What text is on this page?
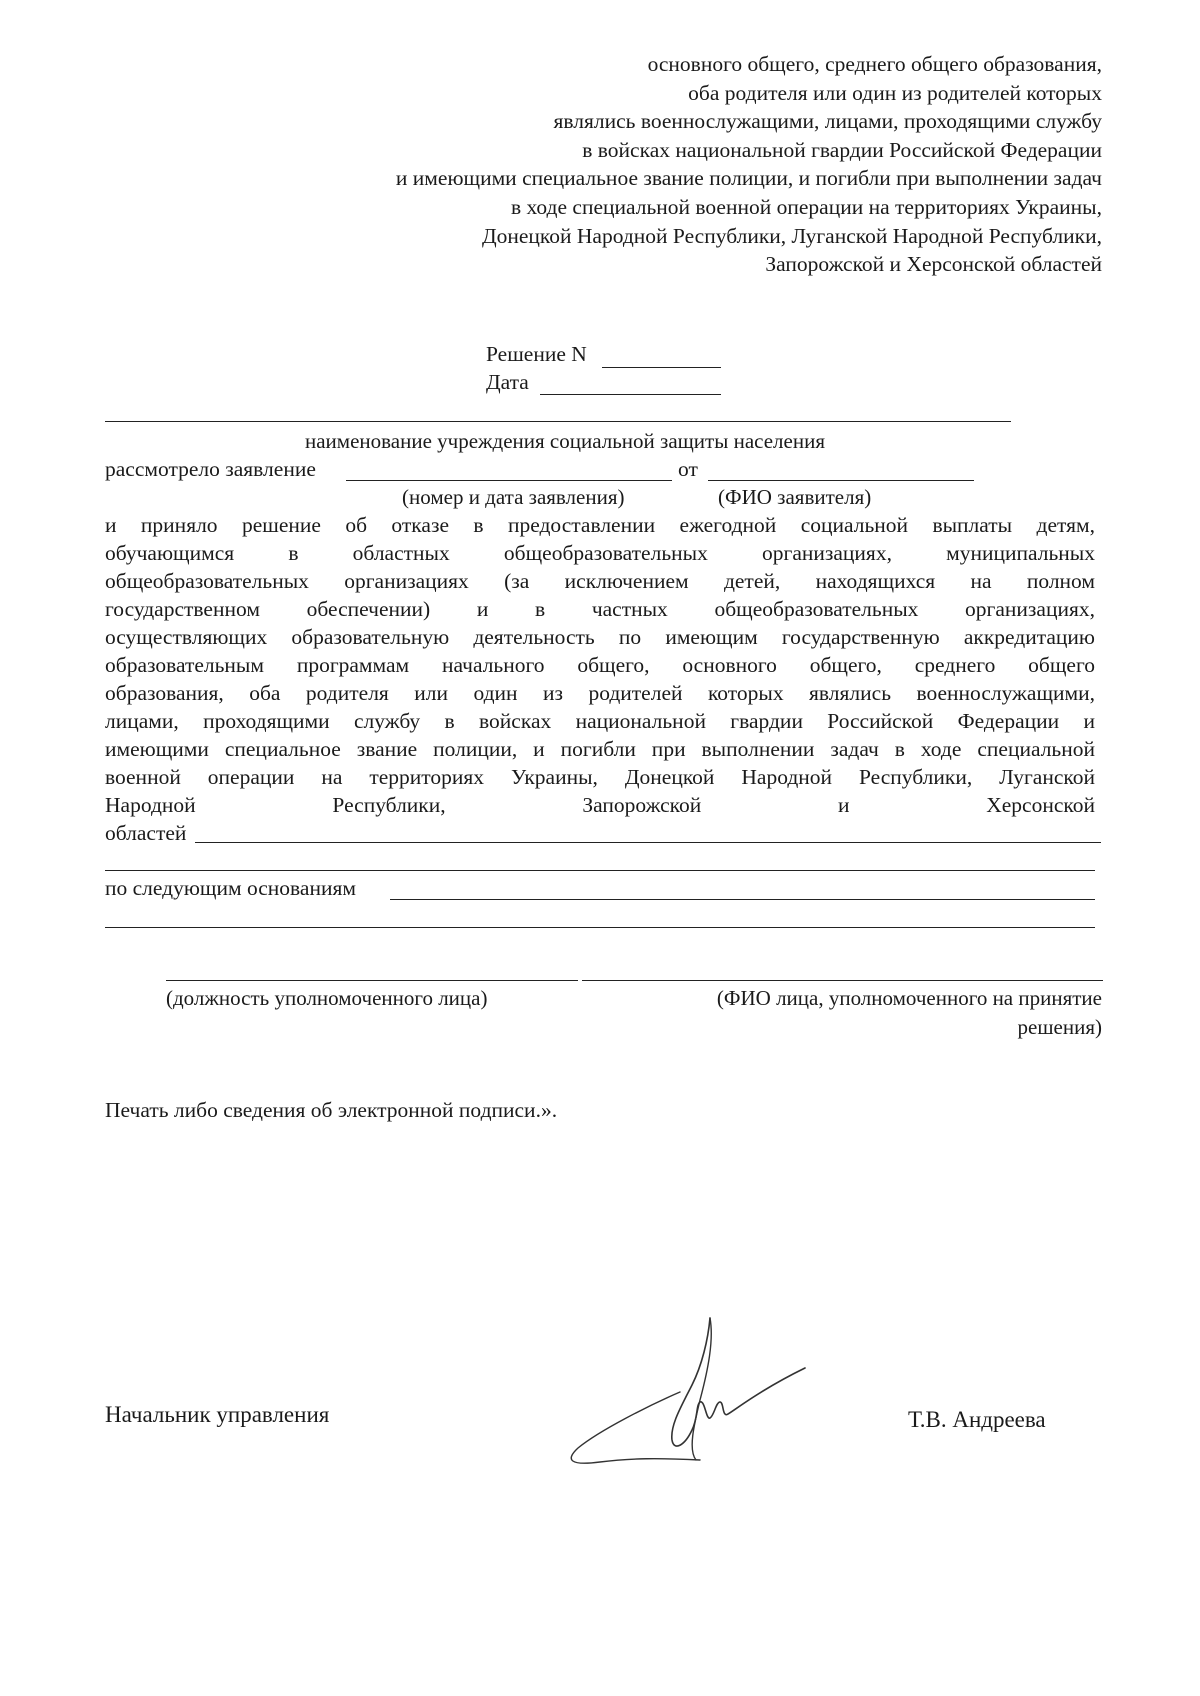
основного общего, среднего общего образования,
оба родителя или один из родителей которых
являлись военнослужащими, лицами, проходящими службу
в войсках национальной гвардии Российской Федерации
и имеющими специальное звание полиции, и погибли при выполнении задач
в ходе специальной военной операции на территориях Украины,
Донецкой Народной Республики, Луганской Народной Республики,
Запорожской и Херсонской областей
Решение N
Дата
наименование учреждения социальной защиты населения
рассмотрело заявление	от
(номер и дата заявления)	(ФИО заявителя)
и приняло решение об отказе в предоставлении ежегодной социальной выплаты детям,
обучающимся в областных общеобразовательных организациях, муниципальных
общеобразовательных организациях (за исключением детей, находящихся на полном
государственном обеспечении) и в частных общеобразовательных организациях,
осуществляющих образовательную деятельность по имеющим государственную аккредитацию
образовательным программам начального общего, основного общего, среднего общего
образования, оба родителя или один из родителей которых являлись военнослужащими,
лицами, проходящими службу в войсках национальной гвардии Российской Федерации и
имеющими специальное звание полиции, и погибли при выполнении задач в ходе специальной
военной операции на территориях Украины, Донецкой Народной Республики, Луганской
Народной Республики, Запорожской и Херсонской
областей
по следующим основаниям
(должность уполномоченного лица)	(ФИО лица, уполномоченного на принятие
решения)
Печать либо сведения об электронной подписи.».
Начальник управления	Т.В. Андреева
